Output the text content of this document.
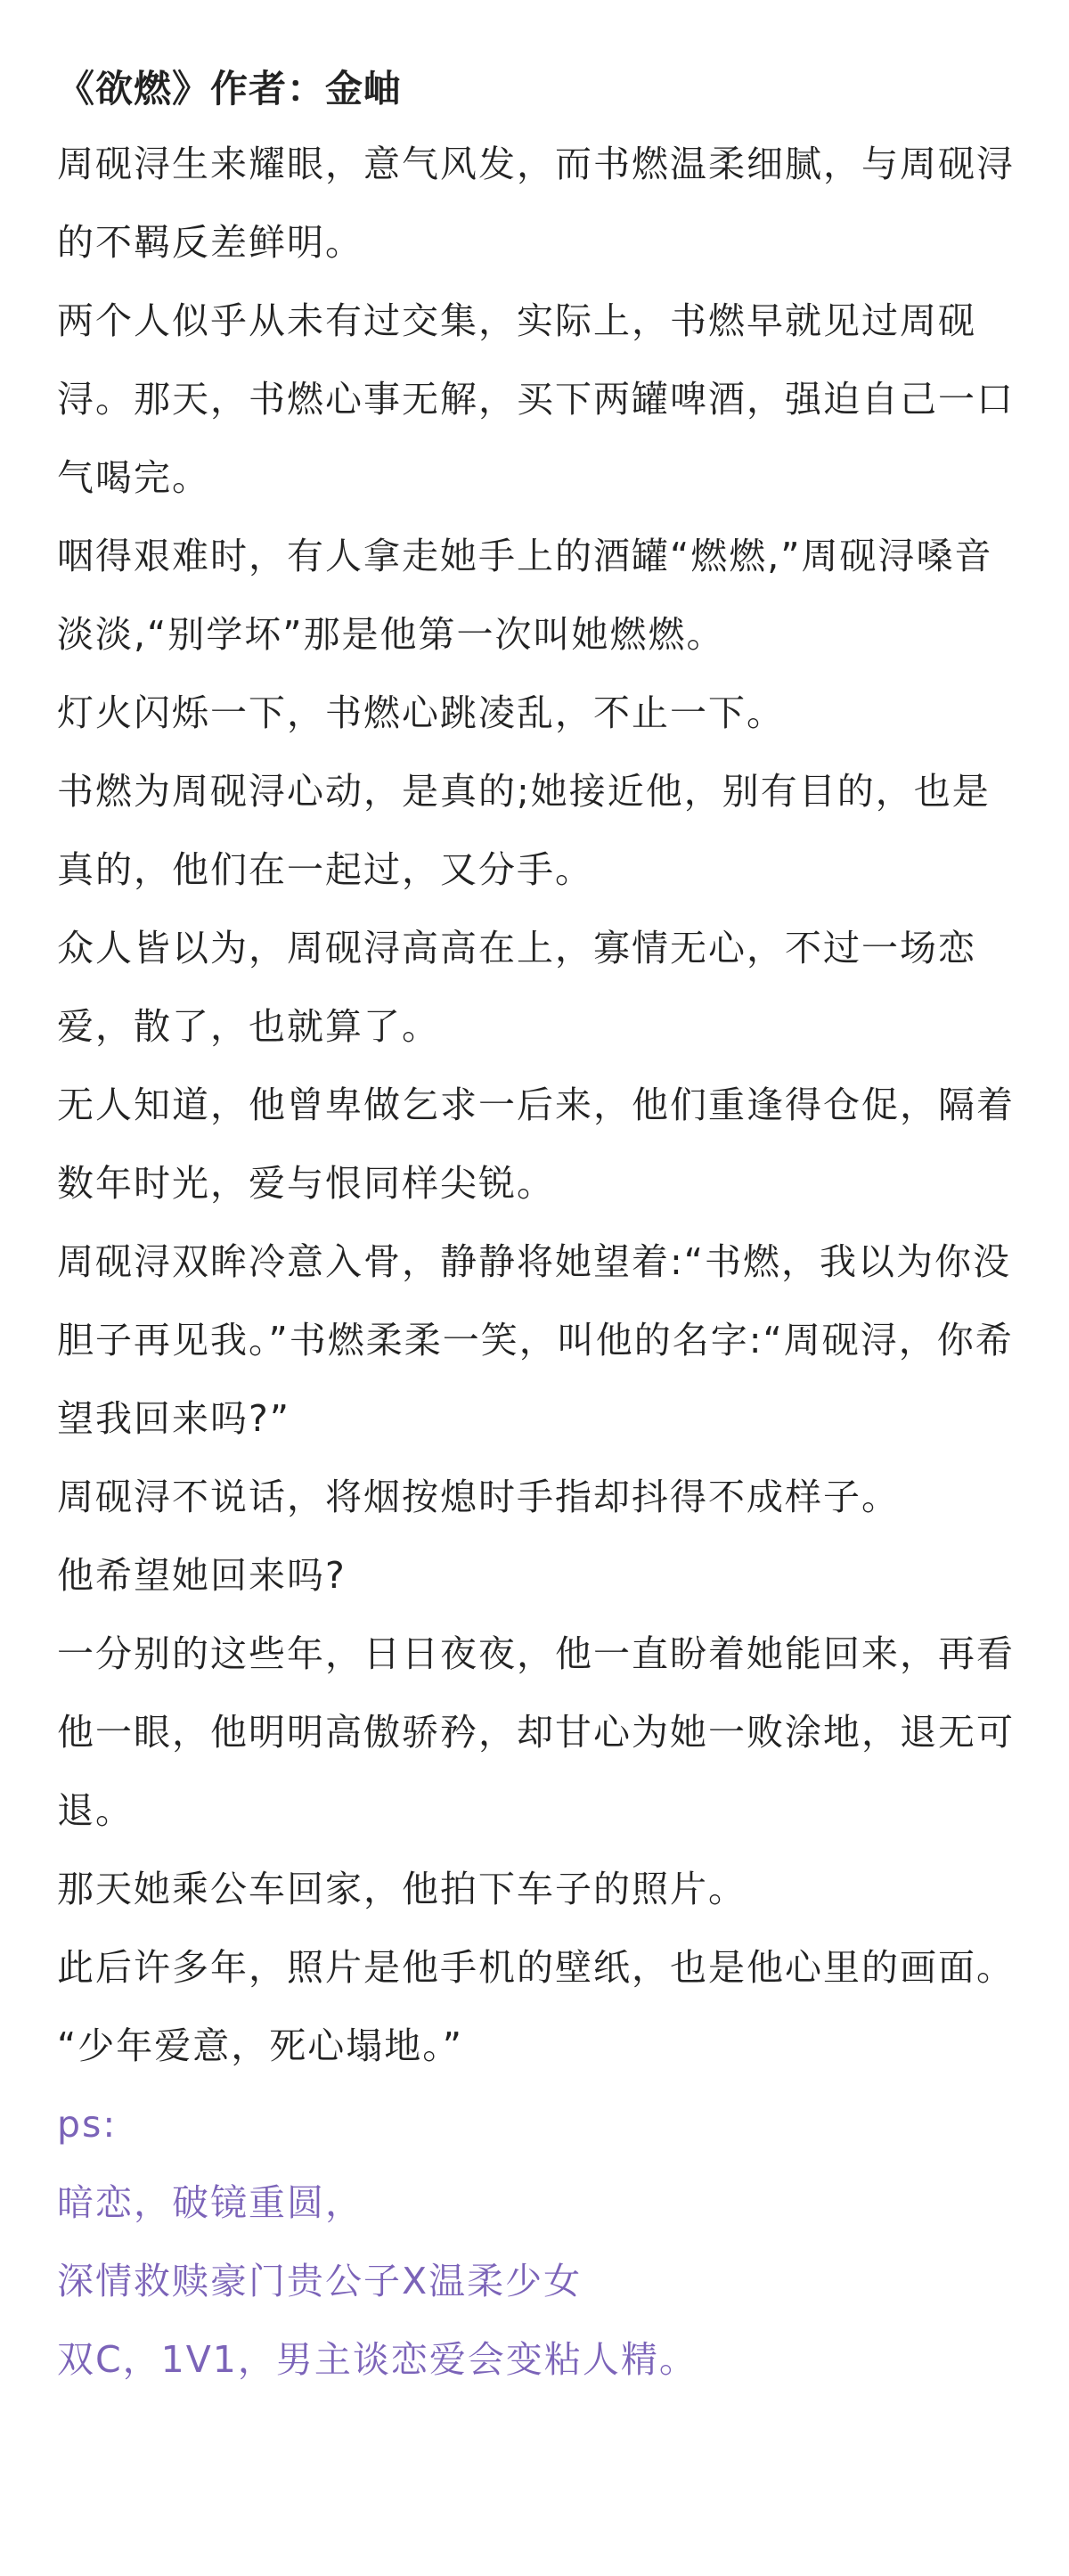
《欲燃》作者：金岫

周砚浔生来耀眼，意气风发，而书燃温柔细腻，与周砚浔的不羁反差鲜明。

两个人似乎从未有过交集，实际上，书燃早就见过周砚浔。那天，书燃心事无解，买下两罐啤酒，强迫自己一口气喝完。

咽得艰难时，有人拿走她手上的酒罐“燃燃,”周砚浔嗓音淡淡,“别学坏”那是他第一次叫她燃燃。

灯火闪烁一下，书燃心跳凌乱，不止一下。

书燃为周砚浔心动，是真的;她接近他，别有目的，也是真的，他们在一起过，又分手。

众人皆以为，周砚浔高高在上，寡情无心，不过一场恋爱，散了，也就算了。

无人知道，他曾卑做乞求一后来，他们重逢得仓促，隔着数年时光，爱与恨同样尖锐。

周砚浔双眸冷意入骨，静静将她望着:“书燃，我以为你没胆子再见我。”书燃柔柔一笑，叫他的名字:“周砚浔，你希望我回来吗?”

周砚浔不说话，将烟按熄时手指却抖得不成样子。

他希望她回来吗?

一分别的这些年，日日夜夜，他一直盼着她能回来，再看他一眼，他明明高傲骄矜，却甘心为她一败涂地，退无可退。

那天她乘公车回家，他拍下车子的照片。

此后许多年，照片是他手机的壁纸，也是他心里的画面。

“少年爱意，死心塌地。”

ps:

暗恋，破镜重圆，

深情救赎豪门贵公子X温柔少女

双C，1V1，男主谈恋爱会变粘人精。
